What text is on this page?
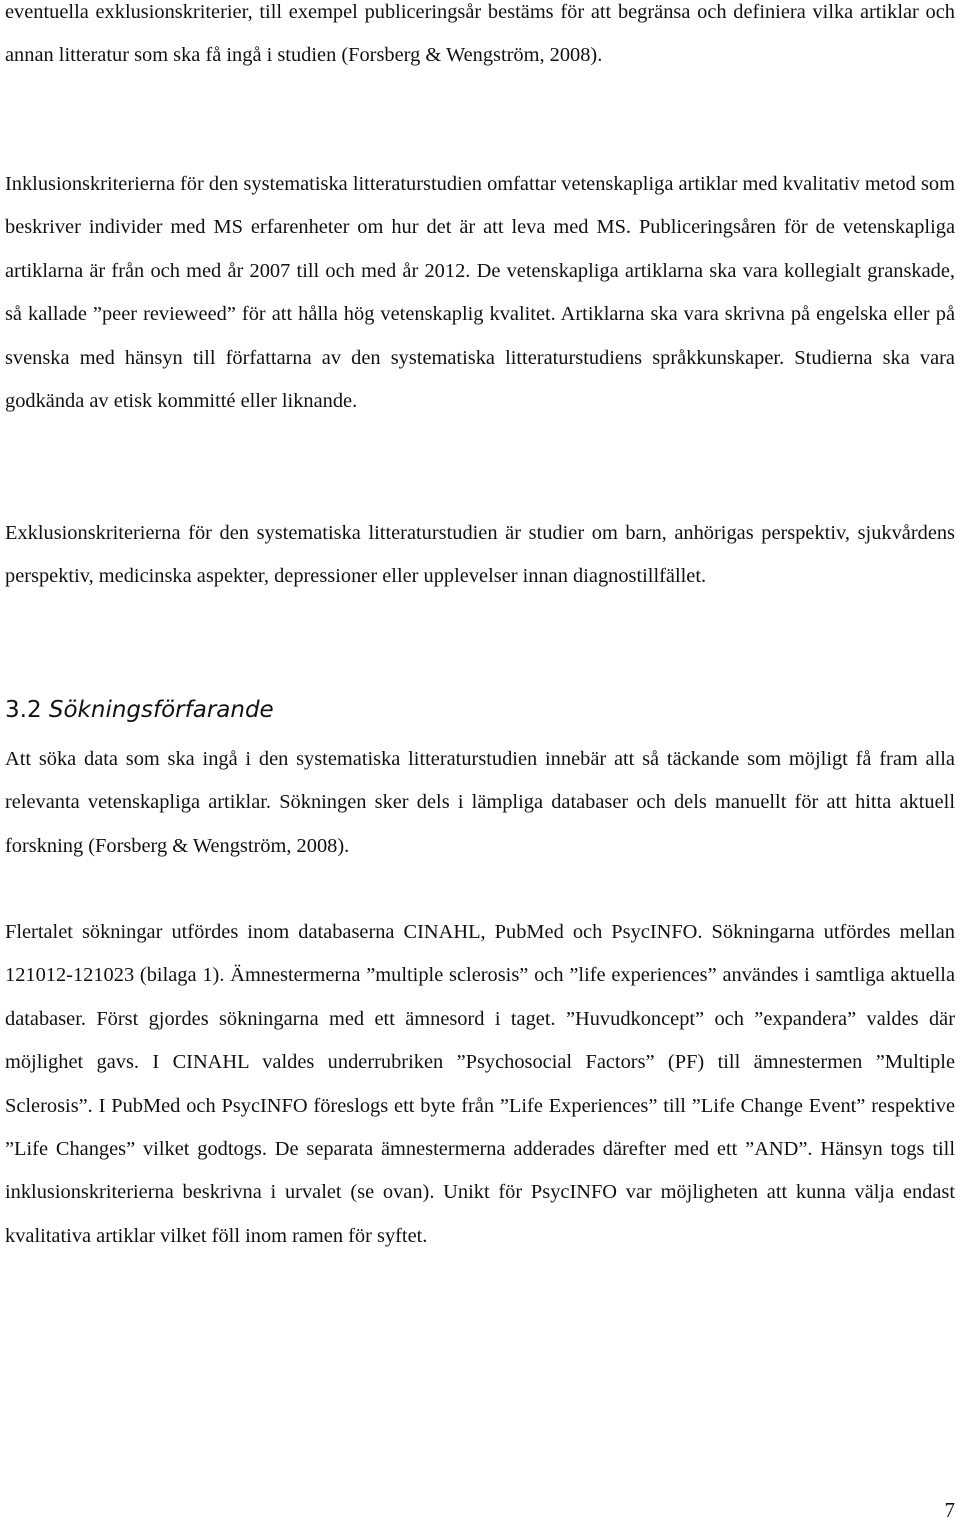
eventuella exklusionskriterier, till exempel publiceringsår bestäms för att begränsa och definiera vilka artiklar och annan litteratur som ska få ingå i studien (Forsberg & Wengström, 2008).

Inklusionskriterierna för den systematiska litteraturstudien omfattar vetenskapliga artiklar med kvalitativ metod som beskriver individer med MS erfarenheter om hur det är att leva med MS. Publiceringsåren för de vetenskapliga artiklarna är från och med år 2007 till och med år 2012. De vetenskapliga artiklarna ska vara kollegialt granskade, så kallade ”peer revieweed” för att hålla hög vetenskaplig kvalitet. Artiklarna ska vara skrivna på engelska eller på svenska med hänsyn till författarna av den systematiska litteraturstudiens språkkunskaper. Studierna ska vara godkända av etisk kommitté eller liknande.

Exklusionskriterierna för den systematiska litteraturstudien är studier om barn, anhörigas perspektiv, sjukvårdens perspektiv, medicinska aspekter, depressioner eller upplevelser innan diagnostillfället.

3.2 Sökningsförfarande

Att söka data som ska ingå i den systematiska litteraturstudien innebär att så täckande som möjligt få fram alla relevanta vetenskapliga artiklar. Sökningen sker dels i lämpliga databaser och dels manuellt för att hitta aktuell forskning (Forsberg & Wengström, 2008).

Flertalet sökningar utfördes inom databaserna CINAHL, PubMed och PsycINFO. Sökningarna utfördes mellan 121012-121023 (bilaga 1). Ämnestermerna ”multiple sclerosis” och ”life experiences” användes i samtliga aktuella databaser. Först gjordes sökningarna med ett ämnesord i taget. ”Huvudkoncept” och ”expandera” valdes där möjlighet gavs. I CINAHL valdes underrubriken ”Psychosocial Factors” (PF) till ämnestermen ”Multiple Sclerosis”. I PubMed och PsycINFO föreslogs ett byte från ”Life Experiences” till ”Life Change Event” respektive ”Life Changes” vilket godtogs. De separata ämnestermerna adderades därefter med ett ”AND”. Hänsyn togs till inklusionskriterierna beskrivna i urvalet (se ovan). Unikt för PsycINFO var möjligheten att kunna välja endast kvalitativa artiklar vilket föll inom ramen för syftet.

7
